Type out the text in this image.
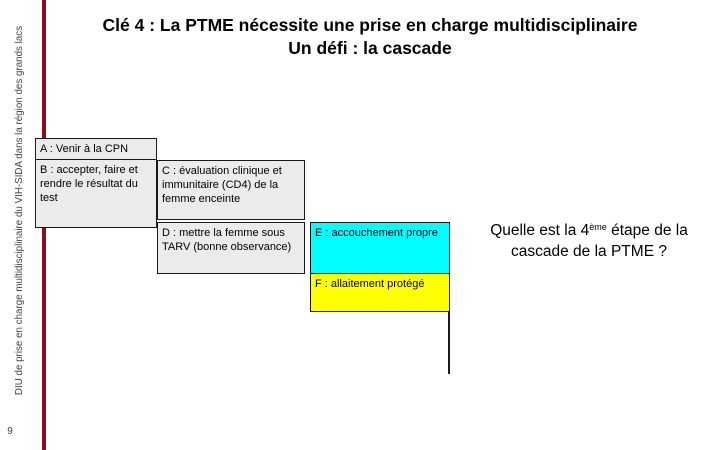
DIU de prise en charge multidisciplinaire du VIH-SIDA dans la région des grands lacs
9
Clé 4 : La PTME nécessite une prise en charge multidisciplinaire
Un défi : la cascade
A : Venir à la CPN
B : accepter, faire et rendre le résultat du test
C : évaluation clinique et immunitaire (CD4) de la femme enceinte
D : mettre la femme sous TARV (bonne observance)
E : accouchement propre
F : allaitement protégé
Quelle est la 4ème étape de la cascade de la PTME ?
